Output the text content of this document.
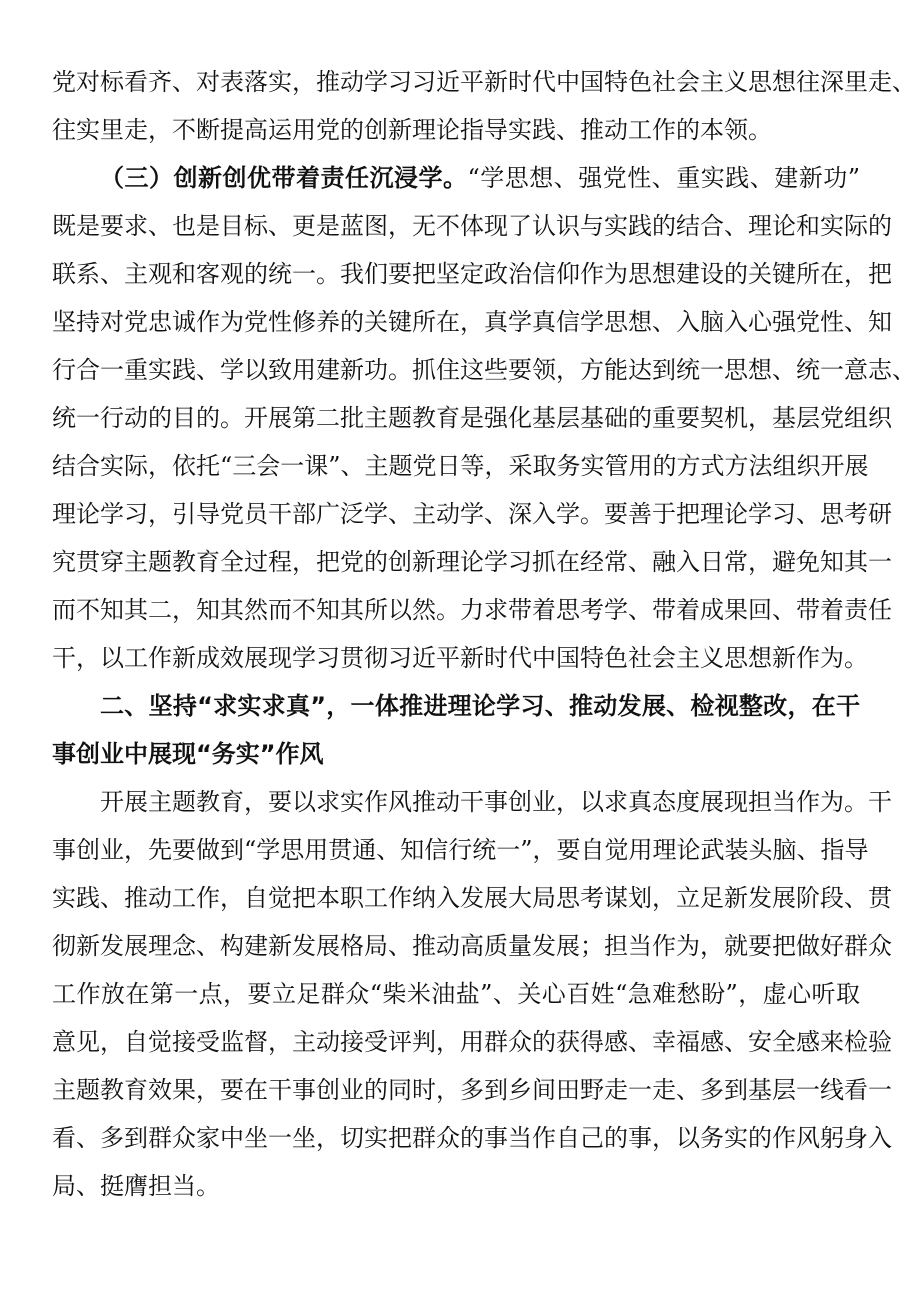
党对标看齐、对表落实，推动学习习近平新时代中国特色社会主义思想往深里走、
往实里走，不断提高运用党的创新理论指导实践、推动工作的本领。
（三）创新创优带着责任沉浸学。“学思想、强党性、重实践、建新功”
既是要求、也是目标、更是蓝图，无不体现了认识与实践的结合、理论和实际的
联系、主观和客观的统一。我们要把坚定政治信仰作为思想建设的关键所在，把
坚持对党忠诚作为党性修养的关键所在，真学真信学思想、入脑入心强党性、知
行合一重实践、学以致用建新功。抓住这些要领，方能达到统一思想、统一意志、
统一行动的目的。开展第二批主题教育是强化基层基础的重要契机，基层党组织
结合实际，依托“三会一课”、主题党日等，采取务实管用的方式方法组织开展
理论学习，引导党员干部广泛学、主动学、深入学。要善于把理论学习、思考研
究贯穿主题教育全过程，把党的创新理论学习抓在经常、融入日常，避免知其一
而不知其二，知其然而不知其所以然。力求带着思考学、带着成果回、带着责任
干，以工作新成效展现学习贯彻习近平新时代中国特色社会主义思想新作为。
二、坚持“求实求真”，一体推进理论学习、推动发展、检视整改，在干
事创业中展现“务实”作风
开展主题教育，要以求实作风推动干事创业，以求真态度展现担当作为。干
事创业，先要做到“学思用贯通、知信行统一”，要自觉用理论武装头脑、指导
实践、推动工作，自觉把本职工作纳入发展大局思考谋划，立足新发展阶段、贯
彻新发展理念、构建新发展格局、推动高质量发展；担当作为，就要把做好群众
工作放在第一点，要立足群众“柴米油盐”、关心百姓“急难愁盼”，虚心听取
意见，自觉接受监督，主动接受评判，用群众的获得感、幸福感、安全感来检验
主题教育效果，要在干事创业的同时，多到乡间田野走一走、多到基层一线看一
看、多到群众家中坐一坐，切实把群众的事当作自己的事，以务实的作风躬身入
局、挺膺担当。
